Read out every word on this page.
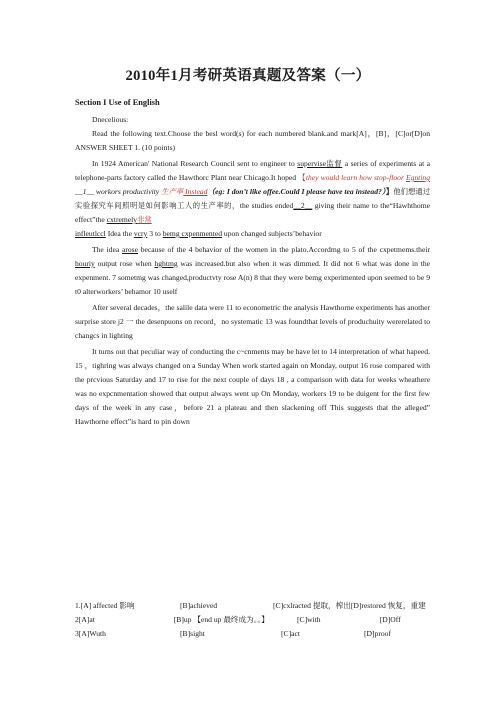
2010年1月考研英语真题及答案（一）
Section I Use of English

Dnecelious:

Read the following text.Choose the besl word(s) for each numbered blank.and mark[A]，[B]，[C]or[D]on ANSWER SHEET 1. (10 points)

In 1924 American' National Research Council sent to engineer to supervise监督 a series of experiments at a telephone-parts factory called the Hawthorc Plant near Chicago.It hoped 【they would learn how stop-floor Egnting __1__ workors productivity 生产率 Instead（eg: I don’t like offee.Could I please have tea instead?）】他们想通过实验探究车间照明是如何影响工人的生产率的，the studies ended__2__ giving their name to the“Hawhthome effect”the cxtremely非常
infleutlccl Idea the vcry 3 to bemg cxpenmented upon changed subjects’behavior

The idea arose because of the 4 behavior of the women in the plato.Accordmg to 5 of the cxpetmems.their houriy output rose when hghtmg was increased.but also when it was dimmed. It did not 6 what was done in the expenment. 7 sometmg was changed,productvty rose A(n) 8 that they were bemg experimented upon seemed to be 9 t0 alterworkers’ behamor 10 uself

After several decades，the salile data were 11 to econometric the analysis Hawthorne experiments has another surprise store j2 一 the desenpuons on record，no systematic 13 was foundthat levels of produchuity wererelated to changcs in lighting

It turns out that peculiar way of conducting the c~cnments may be have let to 14 interpretation of what hapeed. 15 ，tighring was always changed on a Sunday When work started again on Monday, output 16 rose compared with the prcvious Saturday and 17 to rise for the next couple of days 18 , a comparison with data for weeks wheathere was no expcnmentation showed that output always went up On Monday, workers 19 to be duigent for the first few days of the week in any case，before 21 a plateau and then slackening off This suggests that the alleged” Hawthorne effect”is hard to pin down

1.[A] affected 影响	[B]achieved	[C]cxlracted 提取，榨出[D]restored 恢复，重建
2[A]at	[B]up 【end up 最终成为。。】	[C]with	[D]Off
3[A]Wuth	[B]sight	[C]act	[D]proof
